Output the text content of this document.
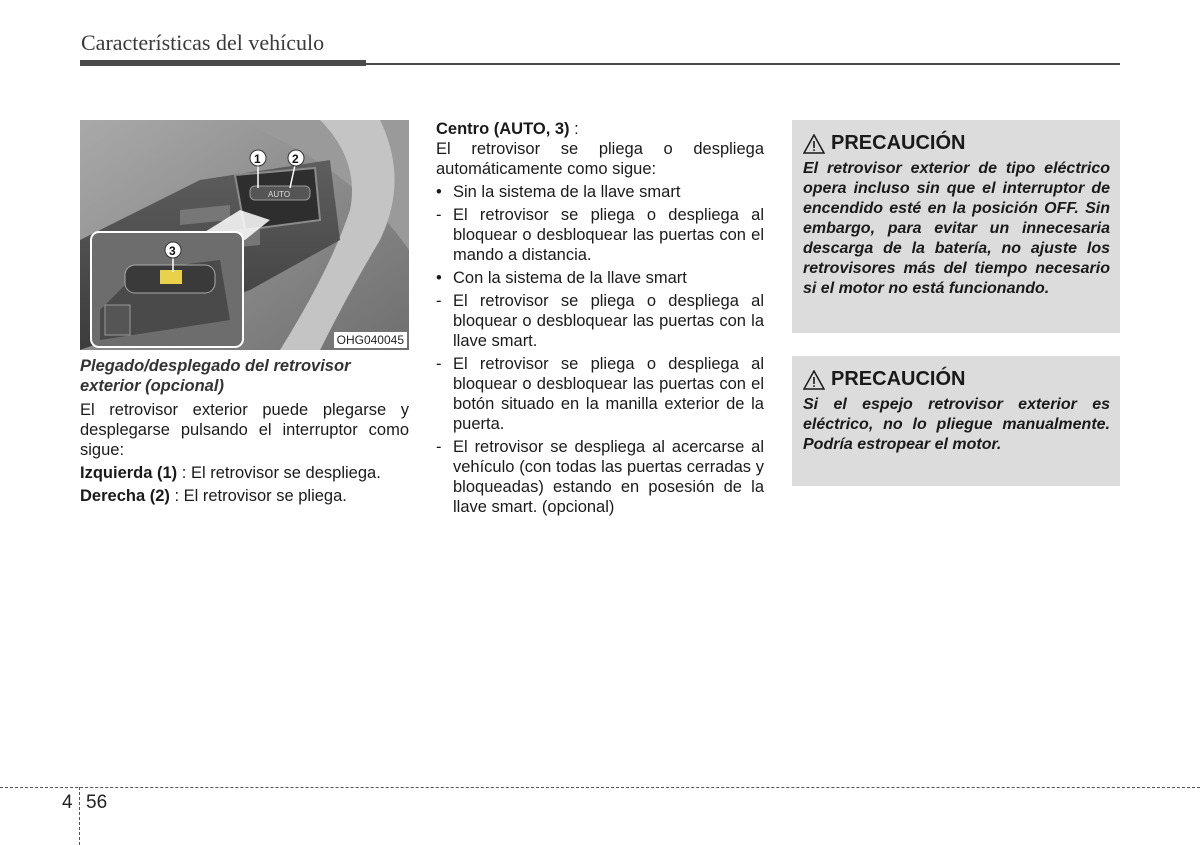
Características del vehículo
AUTO
1	2
3
OHG040045

Plegado/desplegado del retrovisor exterior (opcional)

El retrovisor exterior puede plegarse y desplegarse pulsando el interruptor como sigue:

Izquierda (1) : El retrovisor se despliega.

Derecha (2) : El retrovisor se pliega.

Centro (AUTO, 3) :

El retrovisor se pliega o despliega automáticamente como sigue:

• Sin la sistema de la llave smart
- El retrovisor se pliega o despliega al bloquear o desbloquear las puertas con el mando a distancia.
• Con la sistema de la llave smart
- El retrovisor se pliega o despliega al bloquear o desbloquear las puertas con la llave smart.
- El retrovisor se pliega o despliega al bloquear o desbloquear las puertas con el botón situado en la manilla exterior de la puerta.
- El retrovisor se despliega al acercarse al vehículo (con todas las puertas cerradas y bloqueadas) estando en posesión de la llave smart. (opcional)
PRECAUCIÓN
El retrovisor exterior de tipo eléctrico opera incluso sin que el interruptor de encendido esté en la posición OFF. Sin embargo, para evitar un innecesaria descarga de la batería, no ajuste los retrovisores más del tiempo necesario si el motor no está funcionando.
PRECAUCIÓN
Si el espejo retrovisor exterior es eléctrico, no lo pliegue manualmente. Podría estropear el motor.
4 56
